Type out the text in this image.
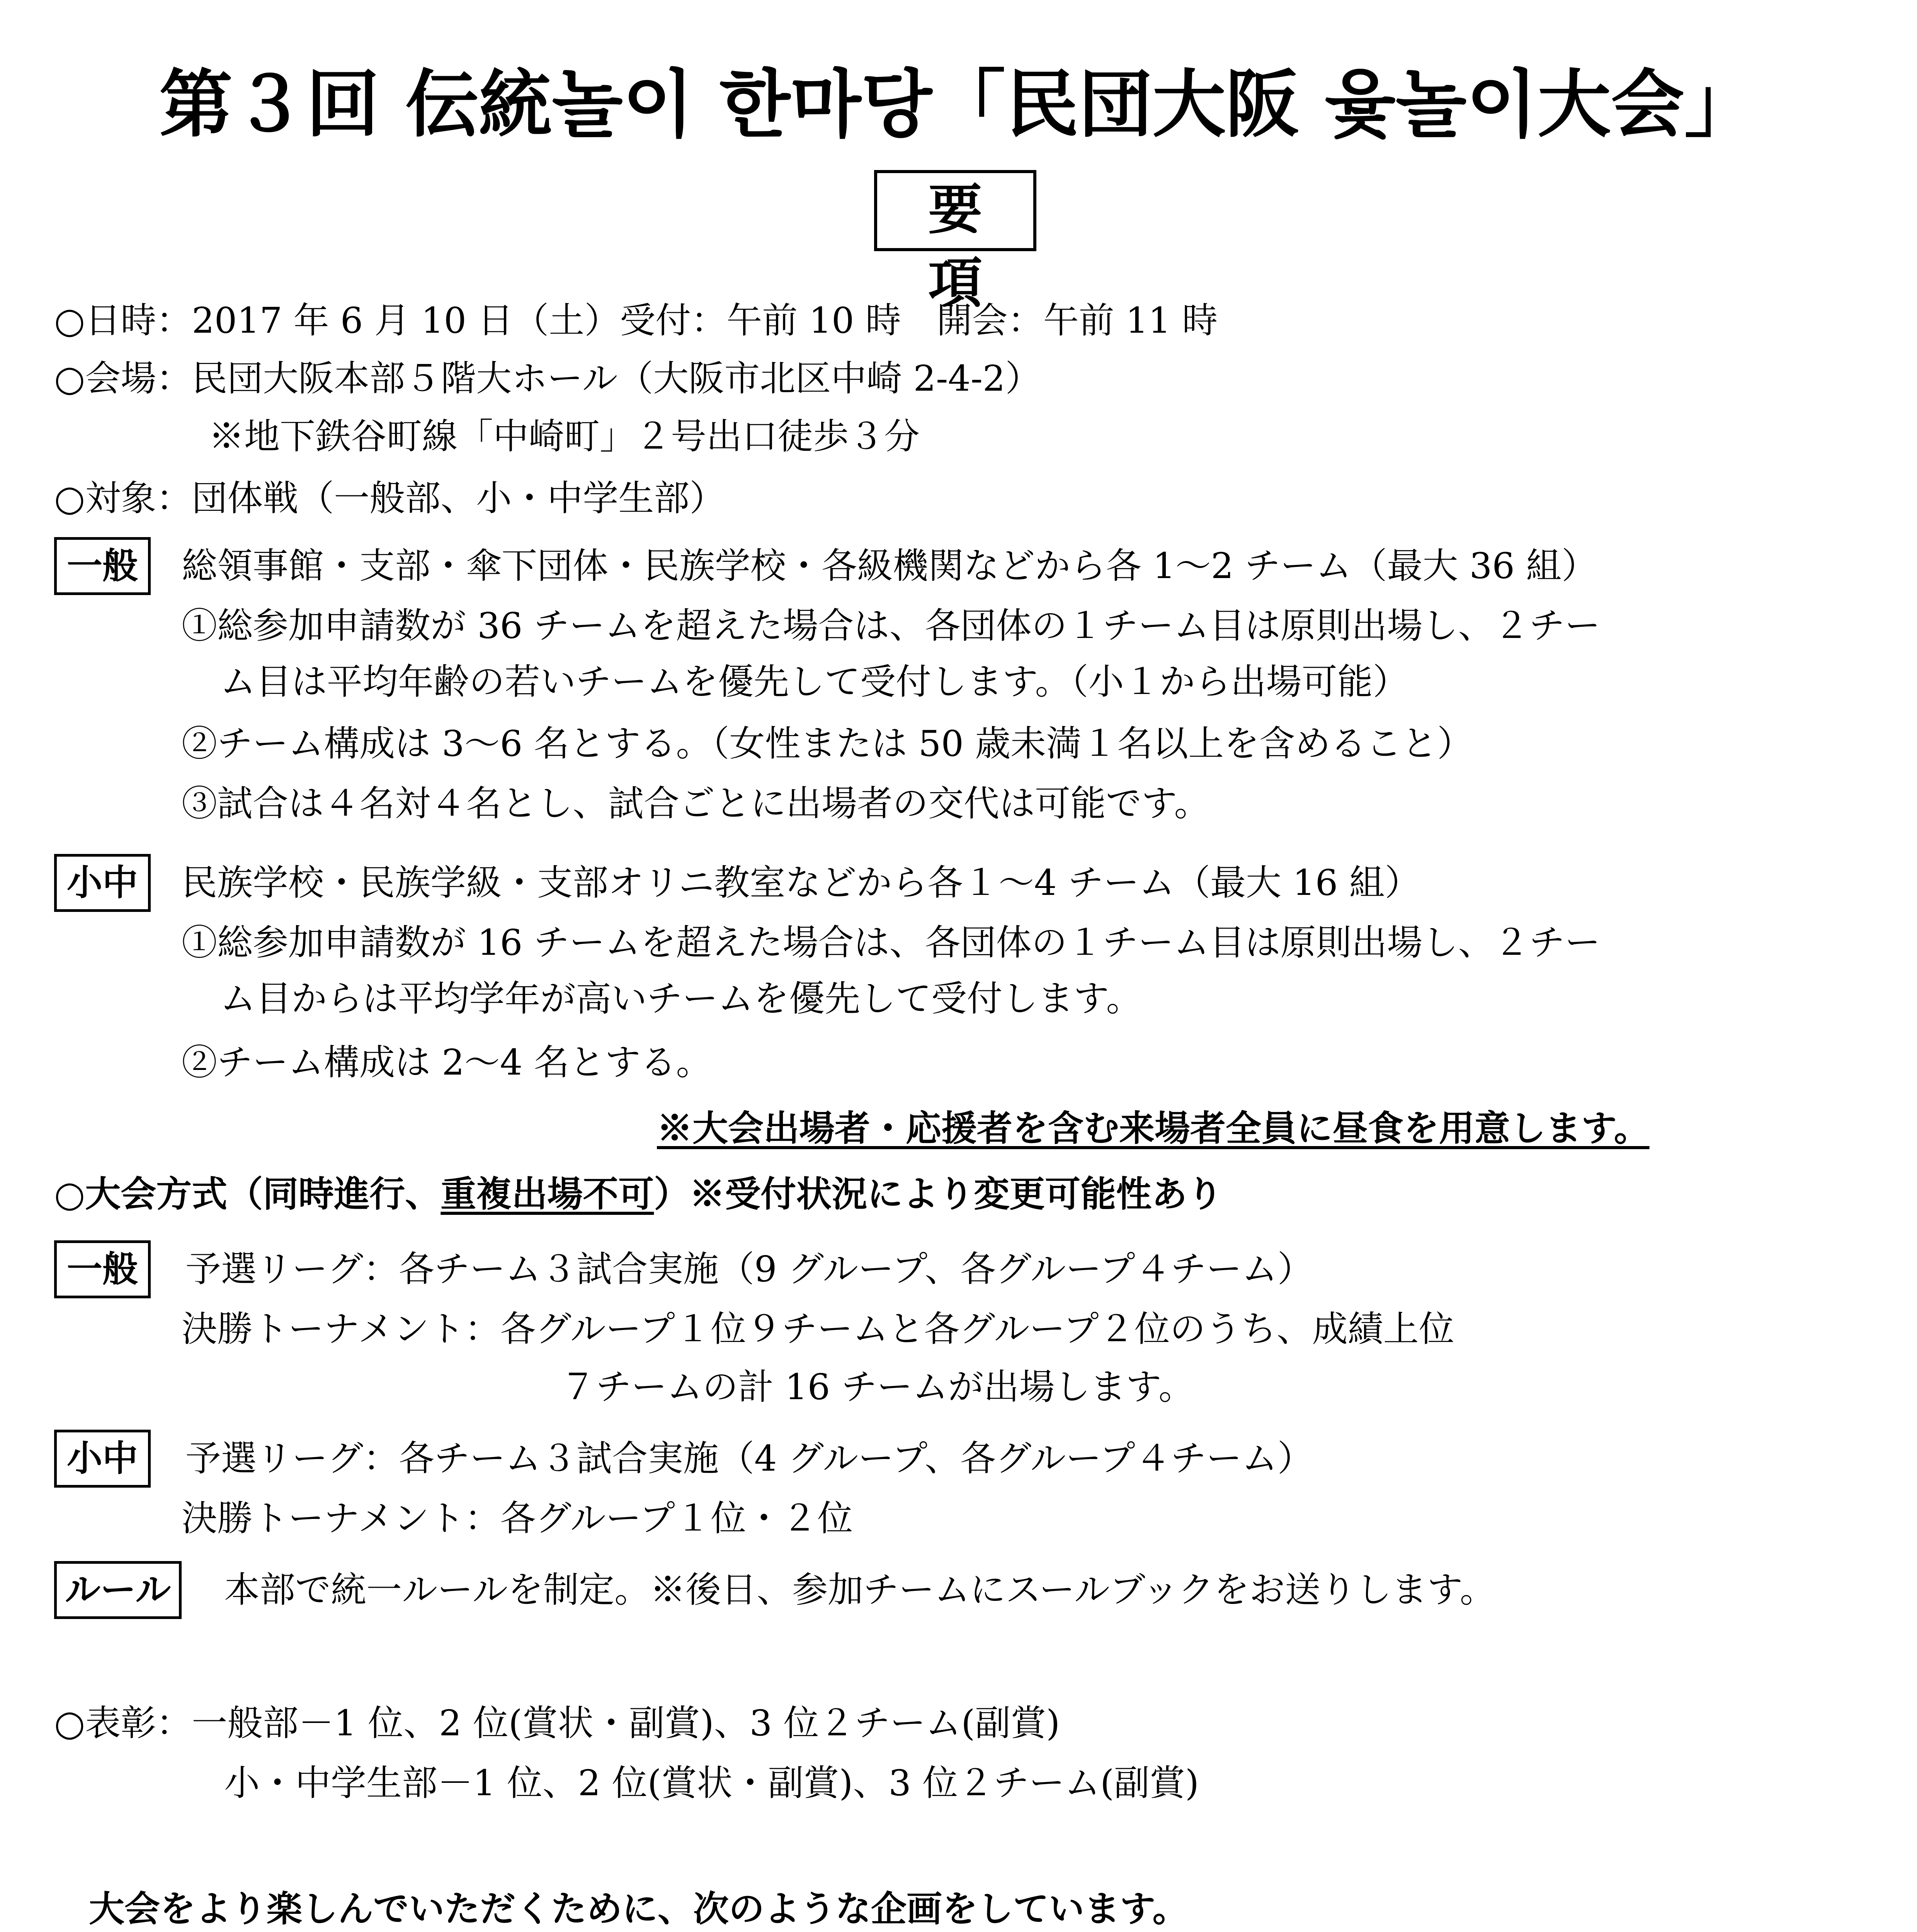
第３回 伝統놀이 한마당「民団大阪 윷놀이大会」
要項
○日時：2017 年 6 月 10 日（土）受付：午前 10 時　開会：午前 11 時
○会場：民団大阪本部５階大ホール（大阪市北区中崎 2-4-2）
※地下鉄谷町線「中崎町」２号出口徒歩３分
○対象：団体戦（一般部、小・中学生部）
一般	総領事館・支部・傘下団体・民族学校・各級機関などから各 1～2 チーム（最大 36 組）
①総参加申請数が 36 チームを超えた場合は、各団体の１チーム目は原則出場し、２チー
ム目は平均年齢の若いチームを優先して受付します。（小１から出場可能）
②チーム構成は 3～6 名とする。（女性または 50 歳未満１名以上を含めること）
③試合は４名対４名とし、試合ごとに出場者の交代は可能です。
小中	民族学校・民族学級・支部オリニ教室などから各１～4 チーム（最大 16 組）
①総参加申請数が 16 チームを超えた場合は、各団体の１チーム目は原則出場し、２チー
ム目からは平均学年が高いチームを優先して受付します。
②チーム構成は 2～4 名とする。
※大会出場者・応援者を含む来場者全員に昼食を用意します。
○大会方式（同時進行、重複出場不可）※受付状況により変更可能性あり
一般	予選リーグ：各チーム３試合実施（9 グループ、各グループ４チーム）
決勝トーナメント：各グループ１位９チームと各グループ２位のうち、成績上位
７チームの計 16 チームが出場します。
小中	予選リーグ：各チーム３試合実施（4 グループ、各グループ４チーム）
決勝トーナメント：各グループ１位・２位
ルール	本部で統一ルールを制定。※後日、参加チームにスールブックをお送りします。
○表彰：一般部－1 位、2 位(賞状・副賞)、3 位２チーム(副賞)
小・中学生部－1 位、2 位(賞状・副賞)、3 位２チーム(副賞)
大会をより楽しんでいただくために、次のような企画をしています。
